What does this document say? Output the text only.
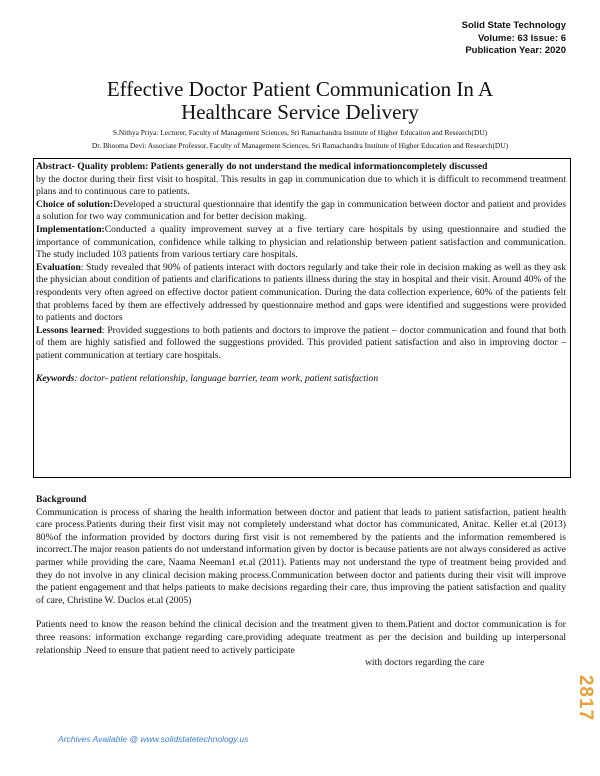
Solid State Technology
Volume: 63 Issue: 6
Publication Year: 2020
Effective Doctor Patient Communication In A
Healthcare Service Delivery
S.Nithya Priya: Lecturer, Faculty of Management Sciences, Sri Ramachandra Institute of Higher Education and Research(DU)
Dr. Bhooma Devi: Associate Professor, Faculty of Management Sciences, Sri Ramachandra Institute of Higher Education and Research(DU)
Abstract- Quality problem: Patients generally do not understand the medical informationcompletely discussed

by the doctor during their first visit to hospital. This results in gap in communication due to which it is difficult to recommend treatment plans and to continuous care to patients.

Choice of solution:Developed a structural questionnaire that identify the gap in communication between doctor and patient and provides a solution for two way communication and for better decision making.

Implementation:Conducted a quality improvement survey at a five tertiary care hospitals by using questionnaire and studied the importance of communication, confidence while talking to physician and relationship between patient satisfaction and communication. The study included 103 patients from various tertiary care hospitals.

Evaluation: Study revealed that 90% of patients interact with doctors regularly and take their role in decision making as well as they ask the physician about condition of patients and clarifications to patients illness during the stay in hospital and their visit. Around 40% of the respondents very often agreed on effective doctor patient communication. During the data collection experience, 60% of the patients felt that problems faced by them are effectively addressed by questionnaire method and gaps were identified and suggestions were provided to patients and doctors

Lessons learned: Provided suggestions to both patients and doctors to improve the patient – doctor communication and found that both of them are highly satisfied and followed the suggestions provided. This provided patient satisfaction and also in improving doctor – patient communication at tertiary care hospitals.

Keywords: doctor- patient relationship, language barrier, team work, patient satisfaction

Background

Communication is process of sharing the health information between doctor and patient that leads to patient satisfaction, patient health care process.Patients during their first visit may not completely understand what doctor has communicated, Anitac. Keller et.al (2013) 80%of the information provided by doctors during first visit is not remembered by the patients and the information remembered is incorrect.The major reason patients do not understand information given by doctor is because patients are not always considered as active partner while providing the care, Naama Neeman1 et.al (2011). Patients may not understand the type of treatment being provided and they do not involve in any clinical decision making process.Communication between doctor and patients during their visit will improve the patient engagement and that helps patients to make decisions regarding their care, thus improving the patient satisfaction and quality of care, Christine W. Duclos et.al (2005)

Patients need to know the reason behind the clinical decision and the treatment given to them.Patient and doctor communication is for three reasons: information exchange regarding care,providing adequate treatment as per the decision and building up interpersonal relationship .Need to ensure that patient need to actively participate

with doctors regarding the care
2817
Archives Available @ www.solidstatetechnology.us
